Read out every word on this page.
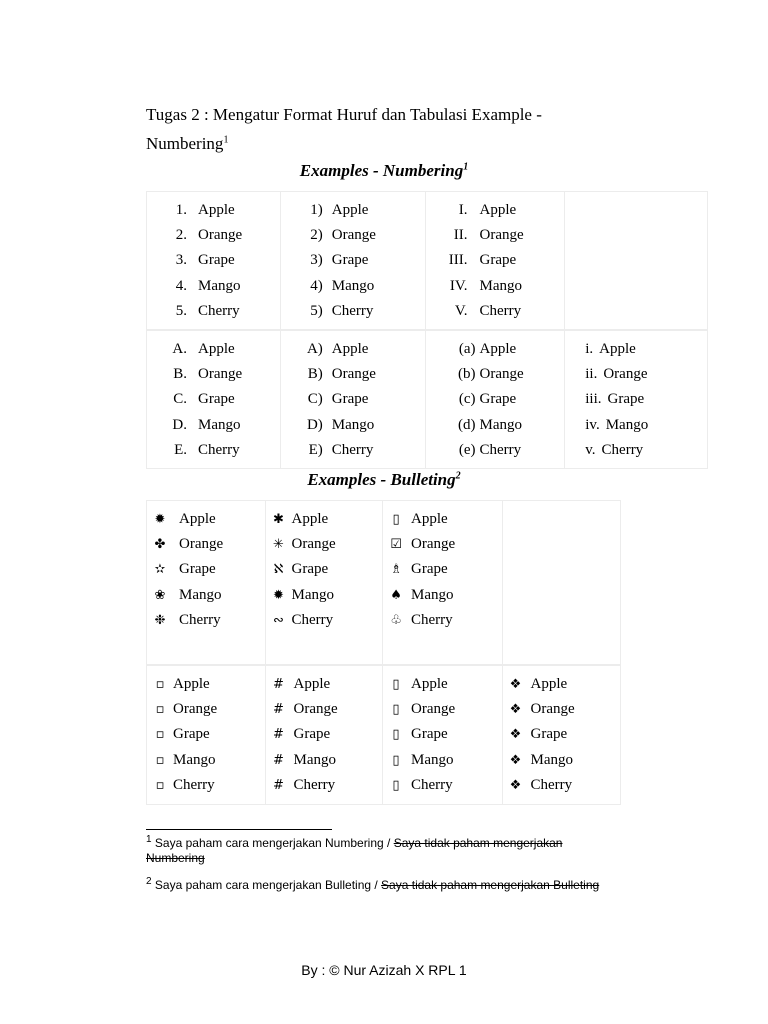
Tugas 2 : Mengatur Format Huruf dan Tabulasi Example -
Numbering$^1$
Examples - Numbering$^1$
1. Apple
2. Orange
3. Grape
4. Mango
5. Cherry
1) Apple
2) Orange
3) Grape
4) Mango
5) Cherry
I. Apple
II. Orange
III. Grape
IV. Mango
V. Cherry
A. Apple
B. Orange
C. Grape
D. Mango
E. Cherry
A) Apple
B) Orange
C) Grape
D) Mango
E) Cherry
(a) Apple
(b) Orange
(c) Grape
(d) Mango
(e) Cherry
i. Apple
ii. Orange
iii. Grape
iv. Mango
v. Cherry
Examples - Bulleting$^2$
✹ Apple
✤ Orange
✫ Grape
❀ Mango
❉ Cherry
✱ Apple
✳ Orange
ℵ Grape
✹ Mango
∾ Cherry
▯ Apple
☑ Orange
♗ Grape
♠ Mango
♧ Cherry
▫ Apple
▫ Orange
▫ Grape
▫ Mango
▫ Cherry
# Apple
# Orange
# Grape
# Mango
# Cherry
▯ Apple
▯ Orange
▯ Grape
▯ Mango
▯ Cherry
❖ Apple
❖ Orange
❖ Grape
❖ Mango
❖ Cherry
$^1$ Saya paham cara mengerjakan Numbering / Saya tidak paham mengerjakan Numbering
$^2$ Saya paham cara mengerjakan Bulleting / Saya tidak paham mengerjakan Bulleting
By : © Nur Azizah X RPL 1
